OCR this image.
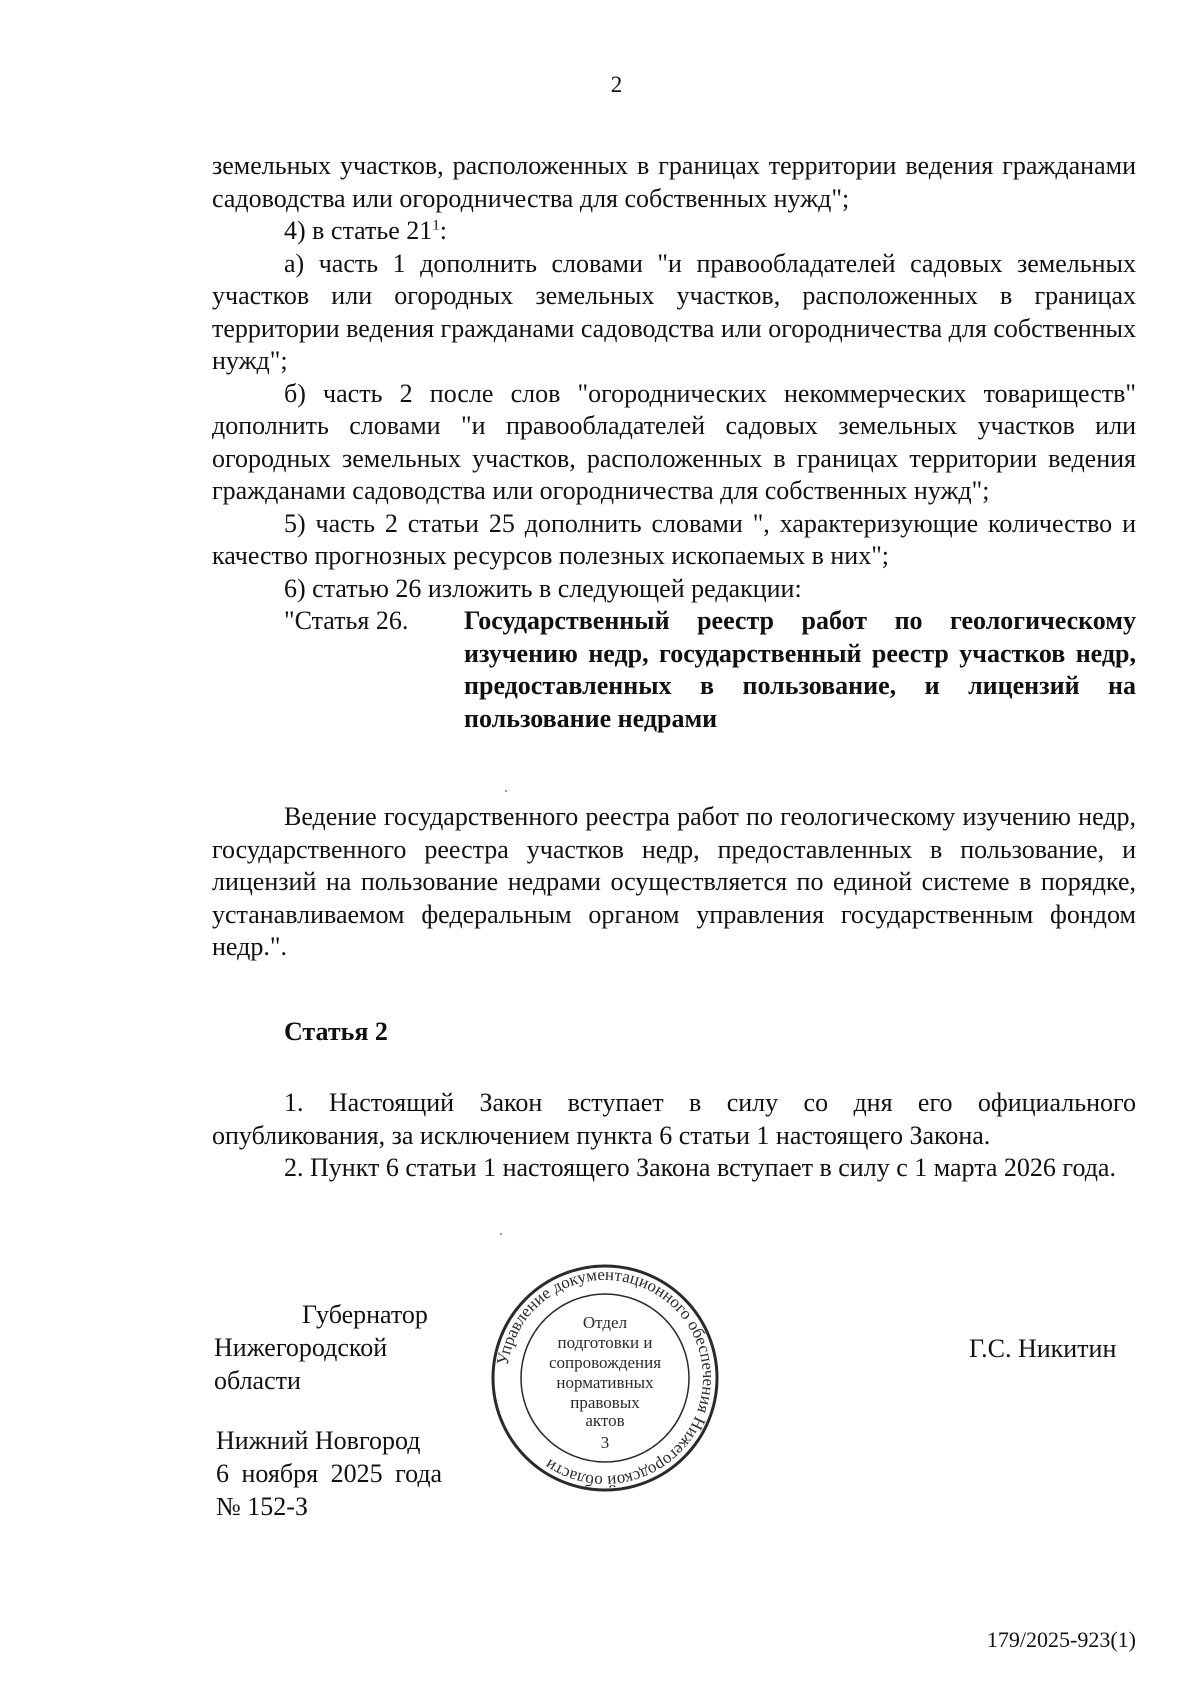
2

земельных участков, расположенных в границах территории ведения гражданами садоводства или огородничества для собственных нужд";

4) в статье $21^1$:

а) часть 1 дополнить словами "и правообладателей садовых земельных участков или огородных земельных участков, расположенных в границах территории ведения гражданами садоводства или огородничества для собственных нужд";

б) часть 2 после слов "огороднических некоммерческих товариществ" дополнить словами "и правообладателей садовых земельных участков или огородных земельных участков, расположенных в границах территории ведения гражданами садоводства или огородничества для собственных нужд";

5) часть 2 статьи 25 дополнить словами ", характеризующие количество и качество прогнозных ресурсов полезных ископаемых в них";

6) статью 26 изложить в следующей редакции:

"Статья 26.	Государственный реестр работ по геологическому изучению недр, государственный реестр участков недр, предоставленных в пользование, и лицензий на пользование недрами

Ведение государственного реестра работ по геологическому изучению недр, государственного реестра участков недр, предоставленных в пользование, и лицензий на пользование недрами осуществляется по единой системе в порядке, устанавливаемом федеральным органом управления государственным фондом недр.".

Статья 2

1. Настоящий Закон вступает в силу со дня его официального опубликования, за исключением пункта 6 статьи 1 настоящего Закона.

2. Пункт 6 статьи 1 настоящего Закона вступает в силу с 1 марта 2026 года.

Губернатор
Нижегородской области
Г.С. Никитин
Нижний Новгород
6 ноября 2025 года
№ 152-З
Управление документационного обеспечения Нижегородской области
Отдел
подготовки и
сопровождения
нормативных
правовых
актов
3
179/2025-923(1)
